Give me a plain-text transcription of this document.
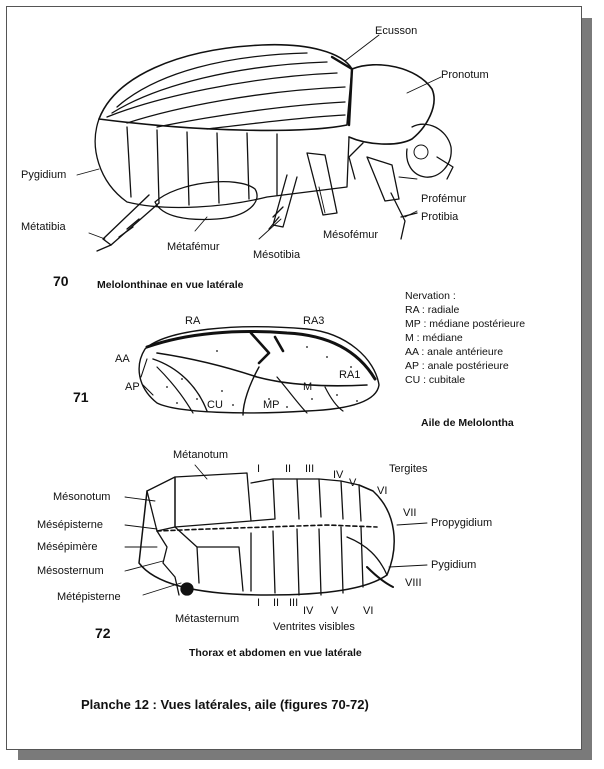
Ecusson
Pronotum
Pygidium
Métatibia
Métafémur
Mésotibia
Mésofémur
Profémur
Protibia
70	Melolonthinae en vue latérale
RA	RA3
AA
AP
CU	MP
M
RA1
71
Aile de Melolontha
Nervation :
RA : radiale
MP : médiane postérieure
M : médiane
AA : anale antérieure
AP : anale postérieure
CU : cubitale
Métanotum
Mésonotum
Mésépisterne
Mésépimère
Mésosternum
Métépisterne
Métasternum
Tergites
Propygidium
Pygidium
Ventrites visibles
I II III IV
V
VI
VII
I II III
IV V VI
VIII
72
Thorax et abdomen en vue latérale
Planche 12 : Vues latérales, aile (figures 70-72)
